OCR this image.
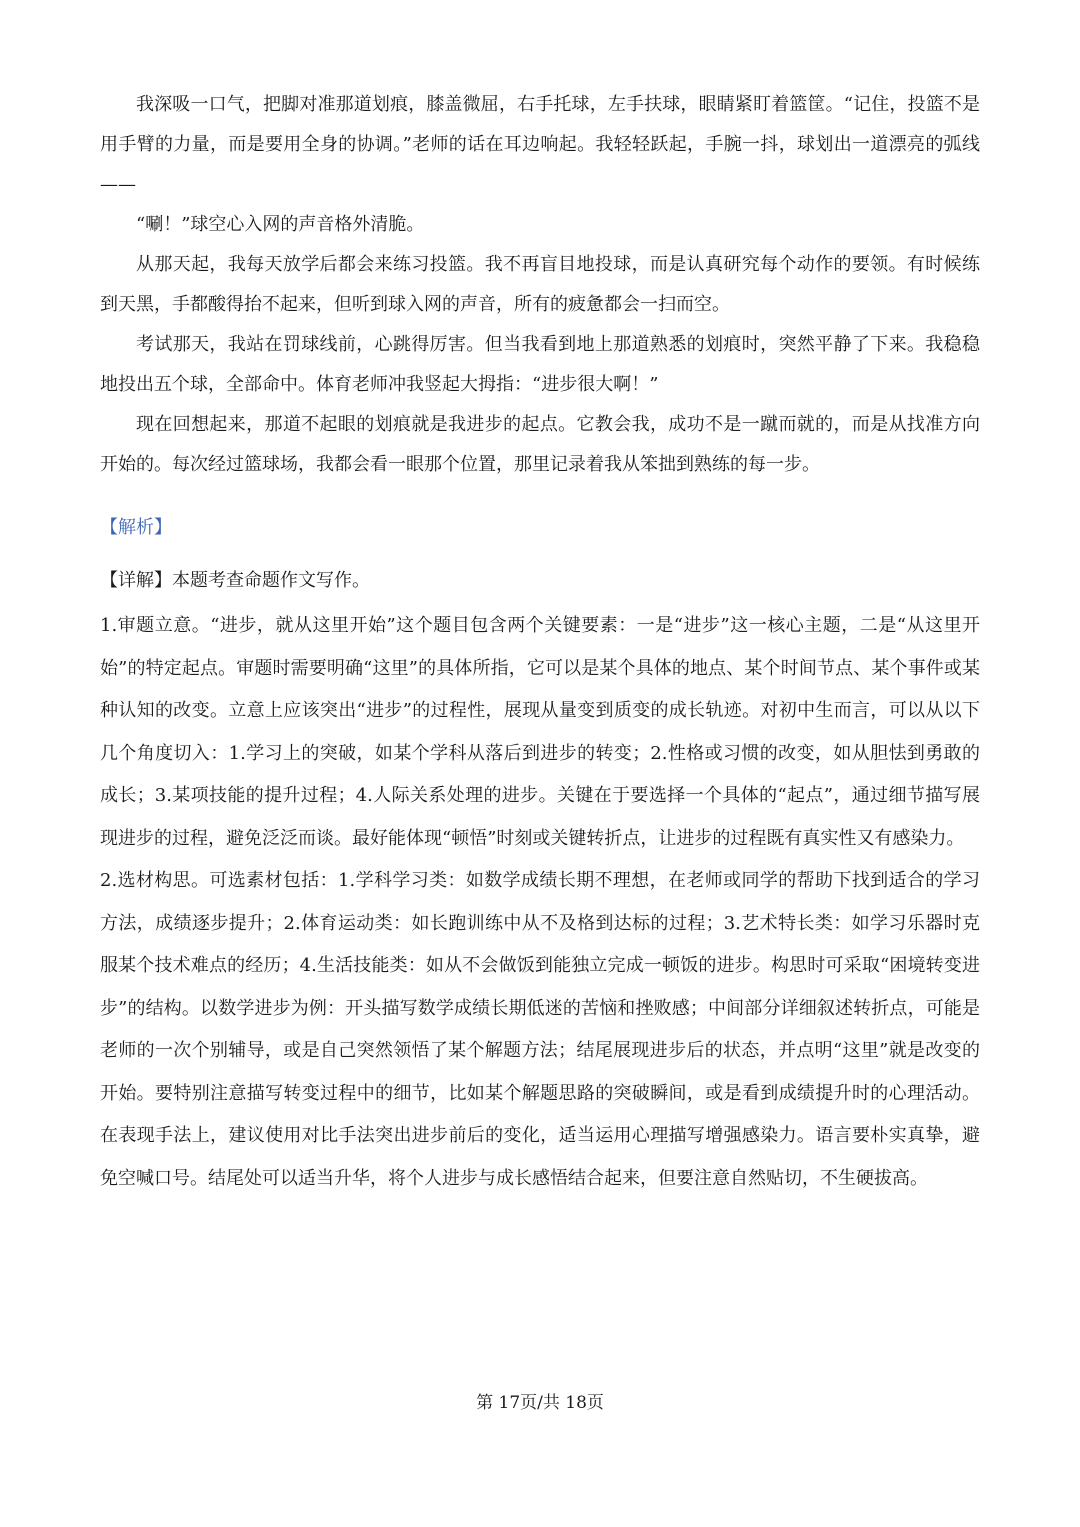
我深吸一口气，把脚对准那道划痕，膝盖微屈，右手托球，左手扶球，眼睛紧盯着篮筐。“记住，投篮不是用手臂的力量，而是要用全身的协调。”老师的话在耳边响起。我轻轻跃起，手腕一抖，球划出一道漂亮的弧线——

“唰！”球空心入网的声音格外清脆。

从那天起，我每天放学后都会来练习投篮。我不再盲目地投球，而是认真研究每个动作的要领。有时候练到天黑，手都酸得抬不起来，但听到球入网的声音，所有的疲惫都会一扫而空。

考试那天，我站在罚球线前，心跳得厉害。但当我看到地上那道熟悉的划痕时，突然平静了下来。我稳稳地投出五个球，全部命中。体育老师冲我竖起大拇指：“进步很大啊！”

现在回想起来，那道不起眼的划痕就是我进步的起点。它教会我，成功不是一蹴而就的，而是从找准方向开始的。每次经过篮球场，我都会看一眼那个位置，那里记录着我从笨拙到熟练的每一步。

【解析】
【详解】本题考查命题作文写作。

1.审题立意。“进步，就从这里开始”这个题目包含两个关键要素：一是“进步”这一核心主题，二是“从这里开始”的特定起点。审题时需要明确“这里”的具体所指，它可以是某个具体的地点、某个时间节点、某个事件或某种认知的改变。立意上应该突出“进步”的过程性，展现从量变到质变的成长轨迹。对初中生而言，可以从以下几个角度切入：1.学习上的突破，如某个学科从落后到进步的转变；2.性格或习惯的改变，如从胆怯到勇敢的成长；3.某项技能的提升过程；4.人际关系处理的进步。关键在于要选择一个具体的“起点”，通过细节描写展现进步的过程，避免泛泛而谈。最好能体现“顿悟”时刻或关键转折点，让进步的过程既有真实性又有感染力。

2.选材构思。可选素材包括：1.学科学习类：如数学成绩长期不理想，在老师或同学的帮助下找到适合的学习方法，成绩逐步提升；2.体育运动类：如长跑训练中从不及格到达标的过程；3.艺术特长类：如学习乐器时克服某个技术难点的经历；4.生活技能类：如从不会做饭到能独立完成一顿饭的进步。构思时可采取“困境转变进步”的结构。以数学进步为例：开头描写数学成绩长期低迷的苦恼和挫败感；中间部分详细叙述转折点，可能是老师的一次个别辅导，或是自己突然领悟了某个解题方法；结尾展现进步后的状态，并点明“这里”就是改变的开始。要特别注意描写转变过程中的细节，比如某个解题思路的突破瞬间，或是看到成绩提升时的心理活动。在表现手法上，建议使用对比手法突出进步前后的变化，适当运用心理描写增强感染力。语言要朴实真挚，避免空喊口号。结尾处可以适当升华，将个人进步与成长感悟结合起来，但要注意自然贴切，不生硬拔高。

第 17页/共 18页
